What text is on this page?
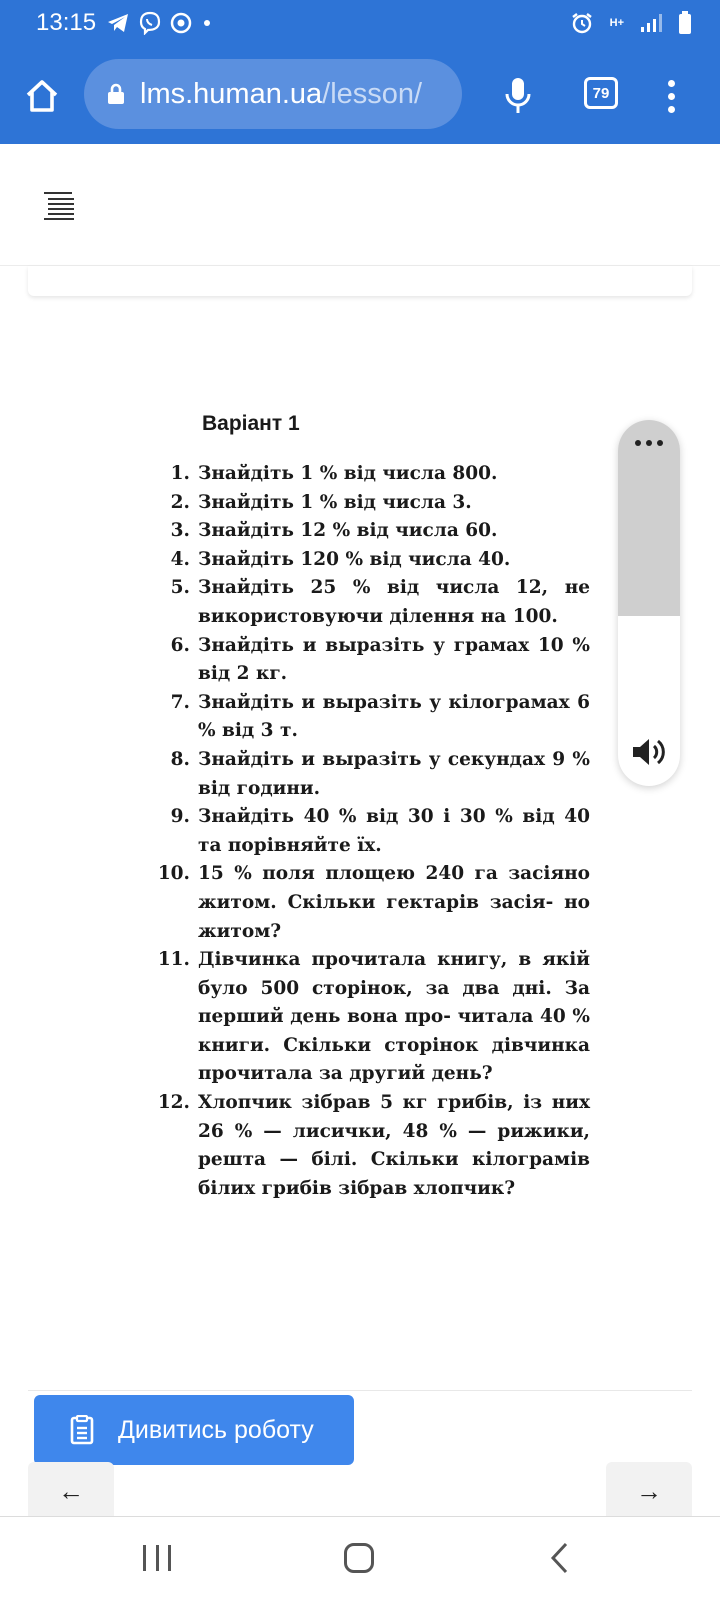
13:15	H+
lms.human.ua/lesson/	79
Варіант 1
1. Знайдіть 1 % від числа 800.
2. Знайдіть 1 % від числа 3.
3. Знайдіть 12 % від числа 60.
4. Знайдіть 120 % від числа 40.
5. Знайдіть 25 % від числа 12, не використовуючи ділення на 100.
6. Знайдіть и выразіть у грамах 10 % від 2 кг.
7. Знайдіть и выразіть у кілограмах 6 % від 3 т.
8. Знайдіть и выразіть у секундах 9 % від години.
9. Знайдіть 40 % від 30 і 30 % від 40 та порівняйте їх.
10. 15 % поля площею 240 га засіяно житом. Скільки гектарів засія- но житом?
11. Дівчинка прочитала книгу, в якій було 500 сторінок, за два дні. За перший день вона про- читала 40 % книги. Скільки сторінок дівчинка прочитала за другий день?
12. Хлопчик зібрав 5 кг грибів, із них 26 % — лисички, 48 % — рижики, решта — білі. Скільки кілограмів білих грибів зібрав хлопчик?
Дивитись роботу
←	→
